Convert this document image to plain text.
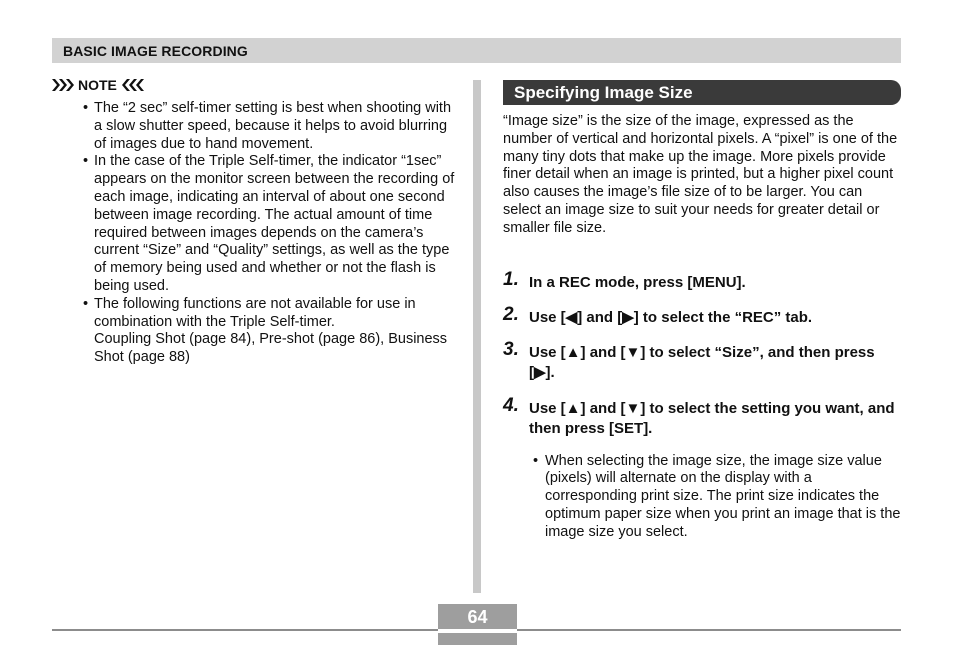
BASIC IMAGE RECORDING
NOTE
• The “2 sec” self-timer setting is best when shooting with a slow shutter speed, because it helps to avoid blurring of images due to hand movement.
• In the case of the Triple Self-timer, the indicator “1sec” appears on the monitor screen between the recording of each image, indicating an interval of about one second between image recording. The actual amount of time required between images depends on the camera’s current “Size” and “Quality” settings, as well as the type of memory being used and whether or not the flash is being used.
• The following functions are not available for use in combination with the Triple Self-timer.
Coupling Shot (page 84), Pre-shot (page 86), Business Shot (page 88)
Specifying Image Size
“Image size” is the size of the image, expressed as the number of vertical and horizontal pixels. A “pixel” is one of the many tiny dots that make up the image. More pixels provide finer detail when an image is printed, but a higher pixel count also causes the image’s file size of to be larger. You can select an image size to suit your needs for greater detail or smaller file size.
1. In a REC mode, press [MENU].
2. Use [◀] and [▶] to select the “REC” tab.
3. Use [▲] and [▼] to select “Size”, and then press [▶].
4. Use [▲] and [▼] to select the setting you want, and then press [SET].
• When selecting the image size, the image size value (pixels) will alternate on the display with a corresponding print size. The print size indicates the optimum paper size when you print an image that is the image size you select.
64
